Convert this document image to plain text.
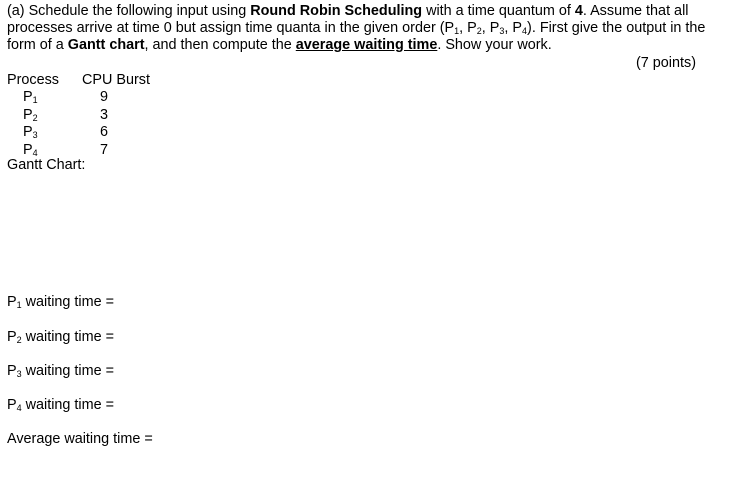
(a) Schedule the following input using Round Robin Scheduling with a time quantum of 4. Assume that all processes arrive at time 0 but assign time quanta in the given order ($P_1$, $P_2$, $P_3$, $P_4$). First give the output in the form of a Gantt chart, and then compute the average waiting time. Show your work.
(7 points)
Process CPU Burst
$P_1$	9
$P_2$	3
$P_3$	6
$P_4$	7
Gantt Chart:
$P_1$ waiting time =
$P_2$ waiting time =
$P_3$ waiting time =
$P_4$ waiting time =
Average waiting time =
